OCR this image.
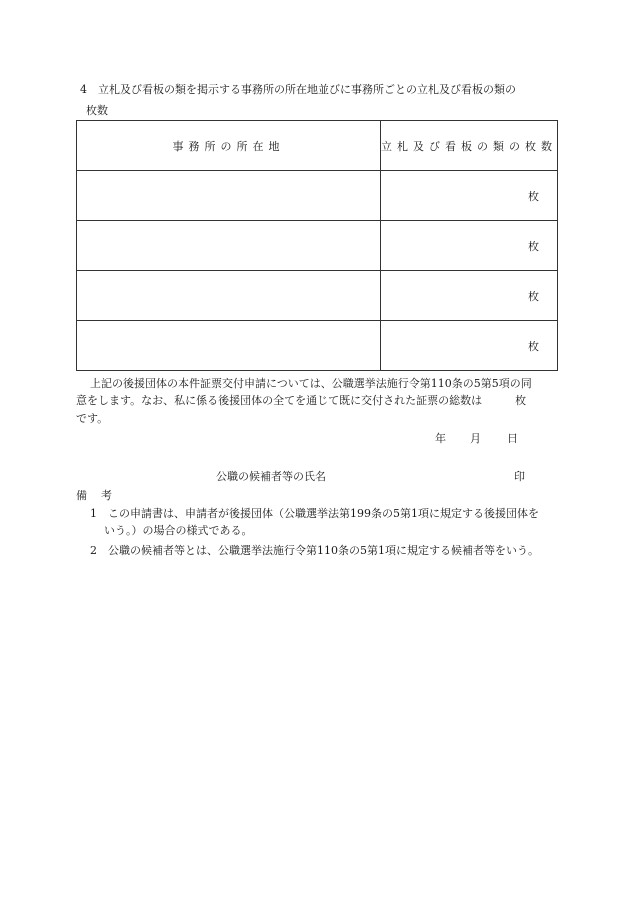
4　立札及び看板の類を掲示する事務所の所在地並びに事務所ごとの立札及び看板の類の
枚数
事務所の所在地	立札及び看板の類の枚数
	枚
	枚
	枚
	枚
上記の後援団体の本件証票交付申請については、公職選挙法施行令第110条の5第5項の同
意をします。なお、私に係る後援団体の全てを通じて既に交付された証票の総数は　　　枚
です。
年 月 日
公職の候補者等の氏名	印
備考
1　この申請書は、申請者が後援団体（公職選挙法第199条の5第1項に規定する後援団体を
いう。）の場合の様式である。
2　公職の候補者等とは、公職選挙法施行令第110条の5第1項に規定する候補者等をいう。
